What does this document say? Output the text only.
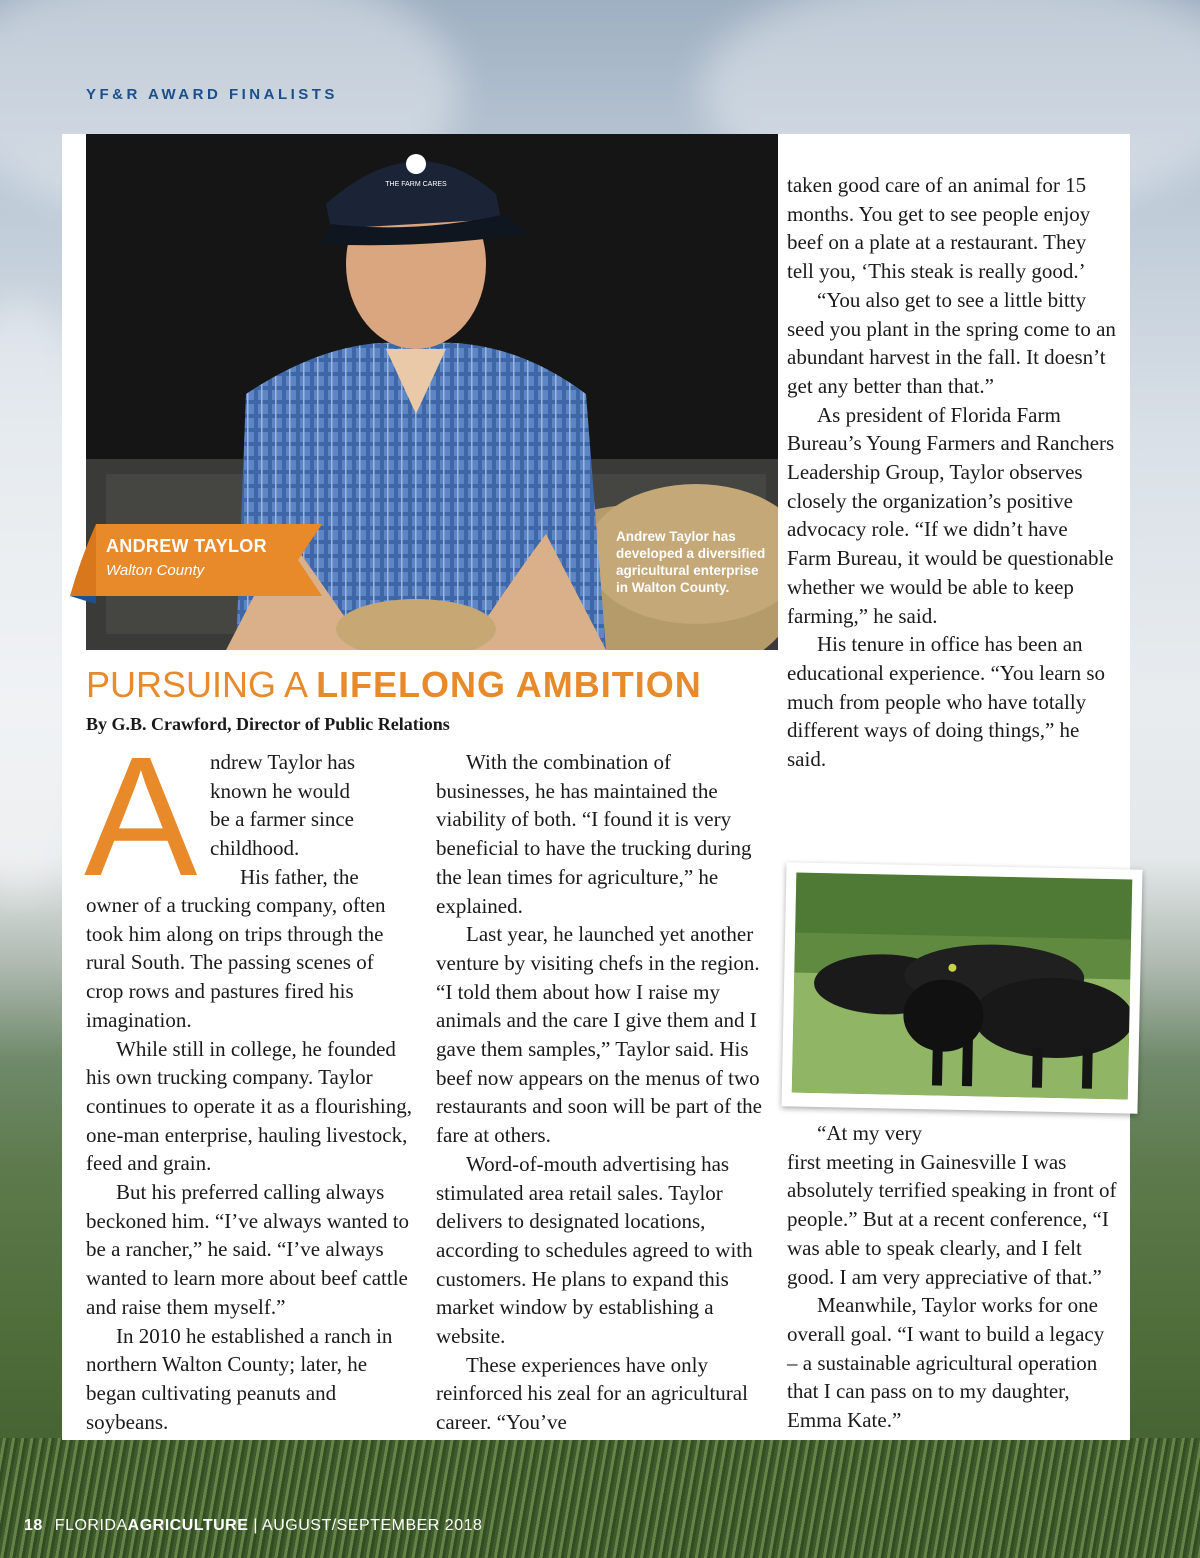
YF&R AWARD FINALISTS
THE FARM CARES
ANDREW TAYLOR
Walton County
Andrew Taylor has developed a diversified agricultural enterprise in Walton County.
PURSUING A LIFELONG AMBITION
By G.B. Crawford, Director of Public Relations
A ndrew Taylor has

known he would

be a farmer since

childhood.

His father, the

owner of a trucking company, often took him along on trips through the rural South. The passing scenes of crop rows and pastures fired his imagination.

While still in college, he founded his own trucking company. Taylor continues to operate it as a flourishing, one-man enterprise, hauling livestock, feed and grain.

But his preferred calling always beckoned him. “I’ve always wanted to be a rancher,” he said. “I’ve always wanted to learn more about beef cattle and raise them myself.”

In 2010 he established a ranch in northern Walton County; later, he began cultivating peanuts and soybeans.

With the combination of businesses, he has maintained the viability of both. “I found it is very beneficial to have the trucking during the lean times for agriculture,” he explained.

Last year, he launched yet another venture by visiting chefs in the region. “I told them about how I raise my animals and the care I give them and I gave them samples,” Taylor said. His beef now appears on the menus of two restaurants and soon will be part of the fare at others.

Word-of-mouth advertising has stimulated area retail sales. Taylor delivers to designated locations, according to schedules agreed to with customers. He plans to expand this market window by establishing a website.

These experiences have only reinforced his zeal for an agricultural career. “You’ve

taken good care of an animal for 15 months. You get to see people enjoy beef on a plate at a restaurant. They tell you, ‘This steak is really good.’

“You also get to see a little bitty seed you plant in the spring come to an abundant harvest in the fall. It doesn’t get any better than that.”

As president of Florida Farm Bureau’s Young Farmers and Ranchers Leadership Group, Taylor observes closely the organization’s positive advocacy role. “If we didn’t have Farm Bureau, it would be questionable whether we would be able to keep farming,” he said.

His tenure in office has been an educational experience. “You learn so much from people who have totally different ways of doing things,” he said.

“At my very

first meeting in Gainesville I was absolutely terrified speaking in front of people.” But at a recent conference, “I was able to speak clearly, and I felt good. I am very appreciative of that.”

Meanwhile, Taylor works for one overall goal. “I want to build a legacy – a sustainable agricultural operation that I can pass on to my daughter, Emma Kate.”

18 FLORIDAAGRICULTURE | AUGUST/SEPTEMBER 2018
